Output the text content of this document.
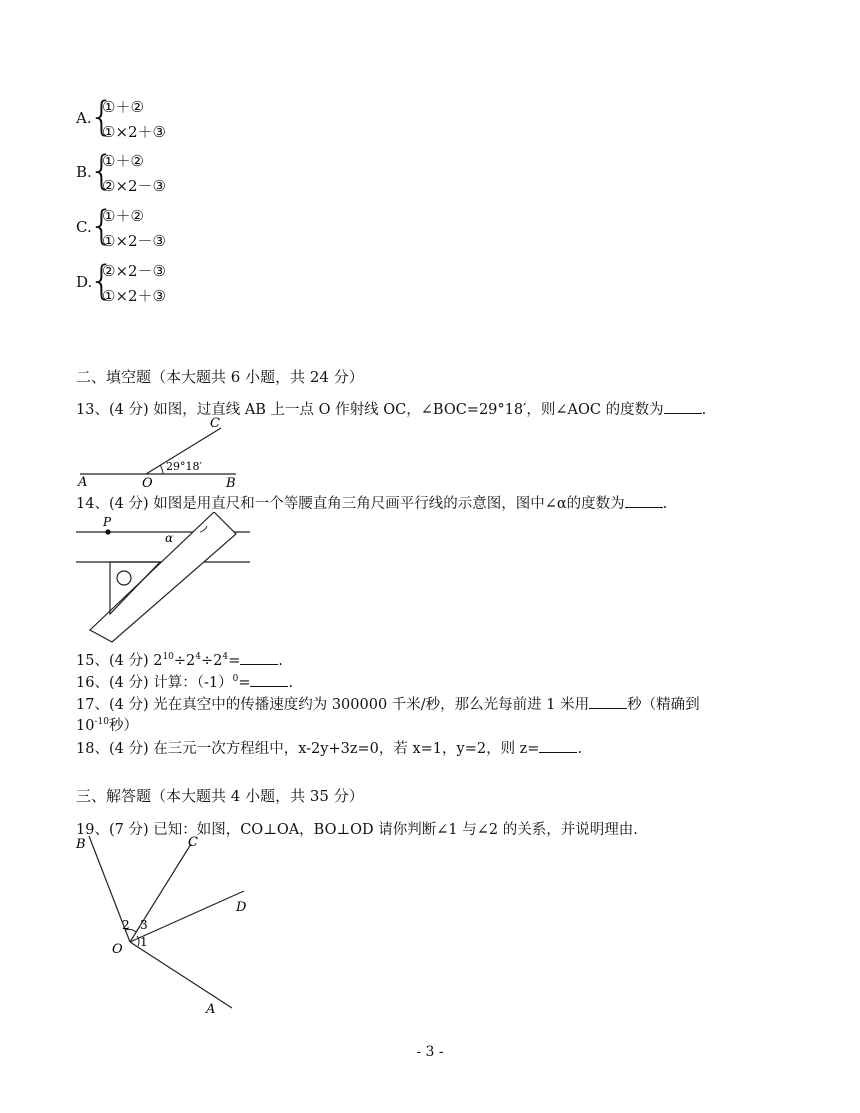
A.
{
①＋②
①×2＋③
B.
{
①＋②
②×2－③
C.
{
①＋②
①×2－③
D.
{
②×2－③
①×2＋③
二、填空题（本大题共 6 小题，共 24 分）
13、(4 分) 如图，过直线 AB 上一点 O 作射线 OC，∠BOC=29°18′，则∠AOC 的度数为	.
A	O	B
C
29°18′
14、(4 分) 如图是用直尺和一个等腰直角三角尺画平行线的示意图，图中∠α的度数为	.
P
α
15、(4 分) $2^{10}\div 2^4\div 2^4=$	.
16、(4 分) 计算：$(-1)^0=$	.
17、(4 分) 光在真空中的传播速度约为 300000 千米/秒，那么光每前进 1 米用	秒（精确到
$10^{-10}$秒）
18、(4 分) 在三元一次方程组中，x-2y+3z=0，若 x=1，y=2，则 z=	.
三、解答题（本大题共 4 小题，共 35 分）
19、(7 分) 已知：如图，CO⊥OA，BO⊥OD 请你判断∠1 与∠2 的关系，并说明理由.
B	C
D
A
O 1
2 3
- 3 -
